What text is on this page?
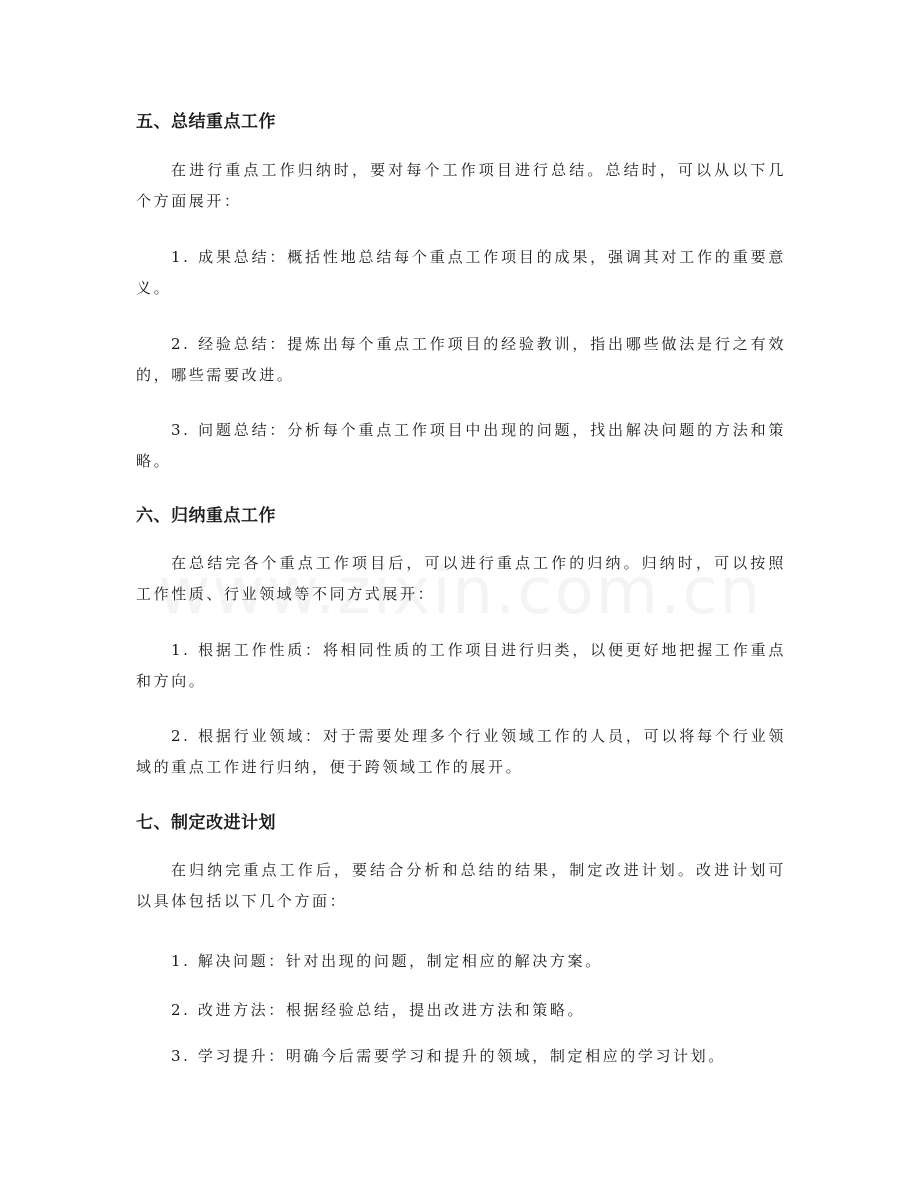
五、总结重点工作

在进行重点工作归纳时，要对每个工作项目进行总结。总结时，可以从以下几个方面展开：

1. 成果总结：概括性地总结每个重点工作项目的成果，强调其对工作的重要意义。

2. 经验总结：提炼出每个重点工作项目的经验教训，指出哪些做法是行之有效的，哪些需要改进。

3. 问题总结：分析每个重点工作项目中出现的问题，找出解决问题的方法和策略。

六、归纳重点工作

在总结完各个重点工作项目后，可以进行重点工作的归纳。归纳时，可以按照工作性质、行业领域等不同方式展开：

1. 根据工作性质：将相同性质的工作项目进行归类，以便更好地把握工作重点和方向。

2. 根据行业领域：对于需要处理多个行业领域工作的人员，可以将每个行业领域的重点工作进行归纳，便于跨领域工作的展开。

七、制定改进计划

在归纳完重点工作后，要结合分析和总结的结果，制定改进计划。改进计划可以具体包括以下几个方面：

1. 解决问题：针对出现的问题，制定相应的解决方案。

2. 改进方法：根据经验总结，提出改进方法和策略。

3. 学习提升：明确今后需要学习和提升的领域，制定相应的学习计划。
